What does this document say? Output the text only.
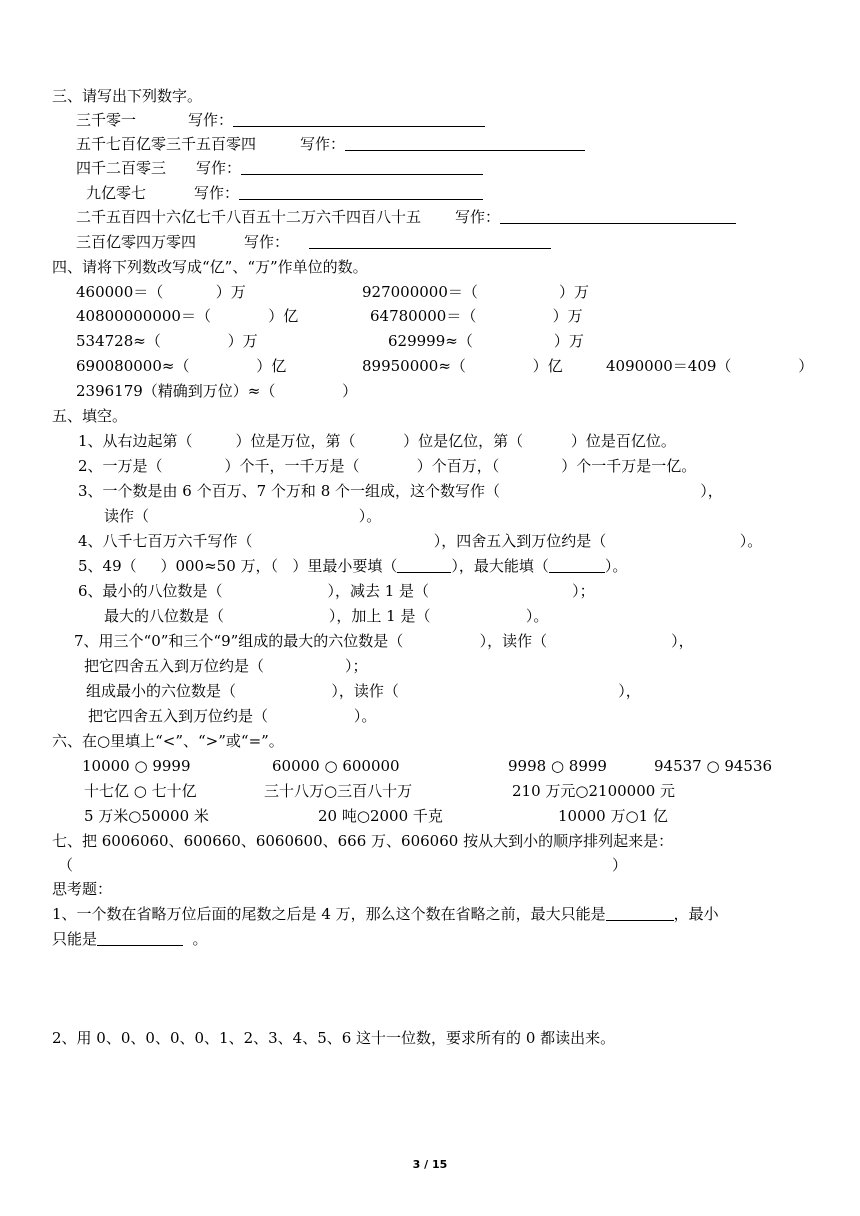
三、请写出下列数字。
三千零一	写作：
五千七百亿零三千五百零四	写作：
四千二百零三 写作：
九亿零七	写作：
二千五百四十六亿七千八百五十二万六千四百八十五 写作：
三百亿零四万零四	写作：
四、请将下列数改写成“亿”、“万”作单位的数。
460000＝（           ）万	927000000＝（                 ）万
40800000000＝（            ）亿	64780000＝（                ）万
534728≈（              ）万	629999≈（                 ）万
690080000≈（              ）亿	89950000≈（              ）亿	4090000＝409（              ）
2396179（精确到万位）≈（              ）
五、填空。
1、从右边起第（         ）位是万位，第（          ）位是亿位，第（          ）位是百亿位。
2、一万是（             ）个千，一千万是（            ）个百万，（             ）个一千万是一亿。
3、一个数是由 6 个百万、7 个万和 8 个一组成，这个数写作（                                          ），
读作（                                            ）。
4、八千七百万六千写作（                                      ），四舍五入到万位约是（                            ）。
5、49（     ）000≈50 万，（   ）里最小要填（	），最大能填（	）。
6、最小的八位数是（                      ），减去 1 是（                              ）；
最大的八位数是（                      ），加上 1 是（                    ）。
7、用三个“0”和三个“9”组成的最大的六位数是（                ），读作（                          ），
把它四舍五入到万位约是（                 ）；
组成最小的六位数是（                    ），读作（                                              ），
把它四舍五入到万位约是（                  ）。
六、在○里填上“<”、“>”或“=”。
10000 ○ 9999	60000 ○ 600000	9998 ○ 8999	94537 ○ 94536
十七亿 ○ 七十亿	三十八万○三百八十万	210 万元○2100000 元
5 万米○50000 米	20 吨○2000 千克	10000 万○1 亿
七、把 6006060、600660、6060600、666 万、606060 按从大到小的顺序排列起来是：
（	）
思考题：
1、一个数在省略万位后面的尾数之后是 4 万，那么这个数在省略之前，最大只能是	，最小
只能是	。
2、用 0、0、0、0、0、1、2、3、4、5、6 这十一位数，要求所有的 0 都读出来。
3 / 15
